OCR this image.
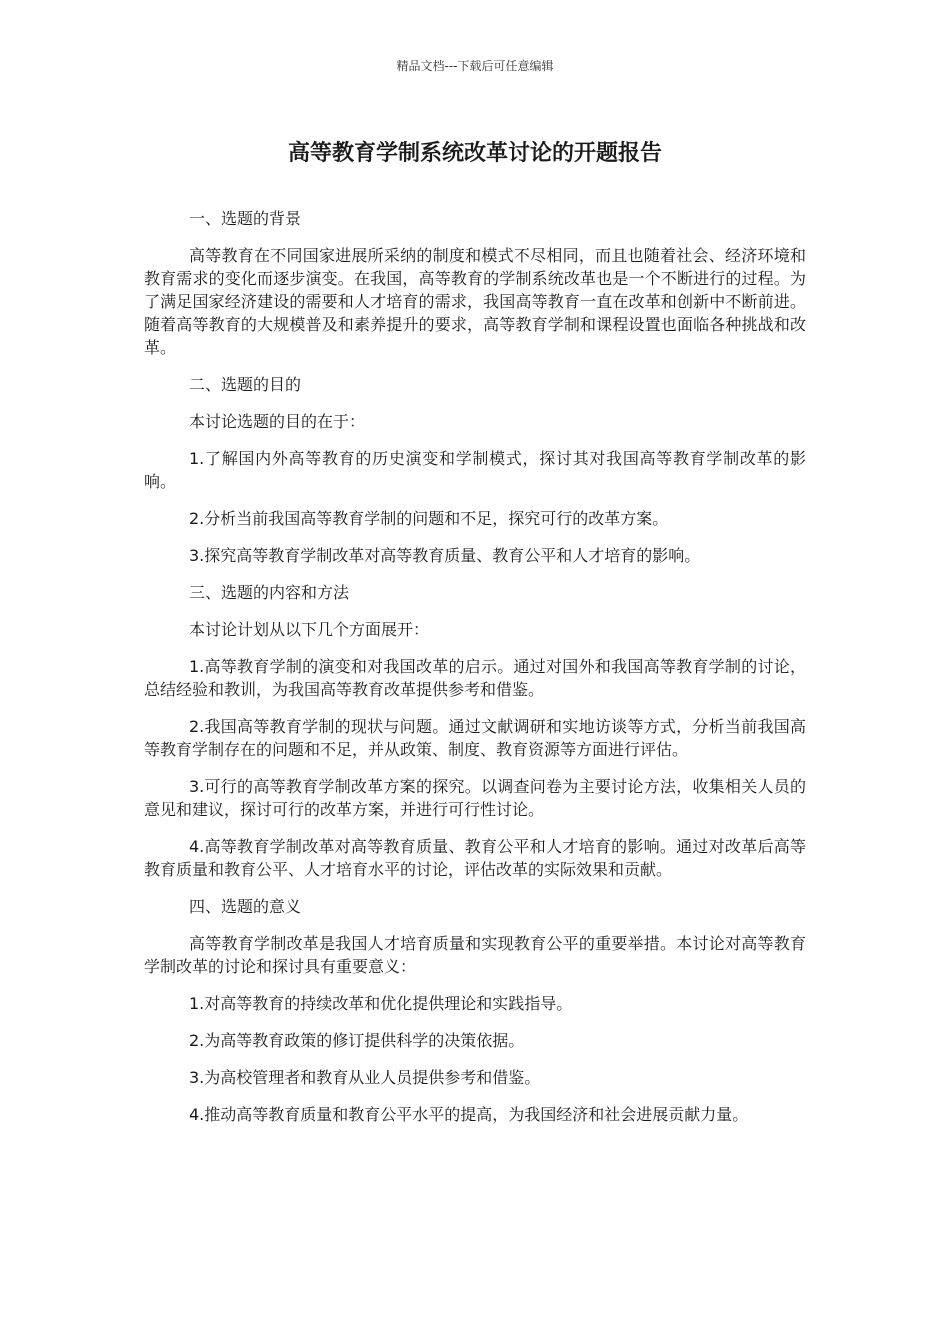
精品文档---下载后可任意编辑
高等教育学制系统改革讨论的开题报告

一、选题的背景

高等教育在不同国家进展所采纳的制度和模式不尽相同，而且也随着社会、经济环境和教育需求的变化而逐步演变。在我国，高等教育的学制系统改革也是一个不断进行的过程。为了满足国家经济建设的需要和人才培育的需求，我国高等教育一直在改革和创新中不断前进。随着高等教育的大规模普及和素养提升的要求，高等教育学制和课程设置也面临各种挑战和改革。

二、选题的目的

本讨论选题的目的在于：

1.了解国内外高等教育的历史演变和学制模式，探讨其对我国高等教育学制改革的影响。

2.分析当前我国高等教育学制的问题和不足，探究可行的改革方案。

3.探究高等教育学制改革对高等教育质量、教育公平和人才培育的影响。

三、选题的内容和方法

本讨论计划从以下几个方面展开：

1.高等教育学制的演变和对我国改革的启示。通过对国外和我国高等教育学制的讨论，总结经验和教训，为我国高等教育改革提供参考和借鉴。

2.我国高等教育学制的现状与问题。通过文献调研和实地访谈等方式，分析当前我国高等教育学制存在的问题和不足，并从政策、制度、教育资源等方面进行评估。

3.可行的高等教育学制改革方案的探究。以调查问卷为主要讨论方法，收集相关人员的意见和建议，探讨可行的改革方案，并进行可行性讨论。

4.高等教育学制改革对高等教育质量、教育公平和人才培育的影响。通过对改革后高等教育质量和教育公平、人才培育水平的讨论，评估改革的实际效果和贡献。

四、选题的意义

高等教育学制改革是我国人才培育质量和实现教育公平的重要举措。本讨论对高等教育学制改革的讨论和探讨具有重要意义：

1.对高等教育的持续改革和优化提供理论和实践指导。

2.为高等教育政策的修订提供科学的决策依据。

3.为高校管理者和教育从业人员提供参考和借鉴。

4.推动高等教育质量和教育公平水平的提高，为我国经济和社会进展贡献力量。
